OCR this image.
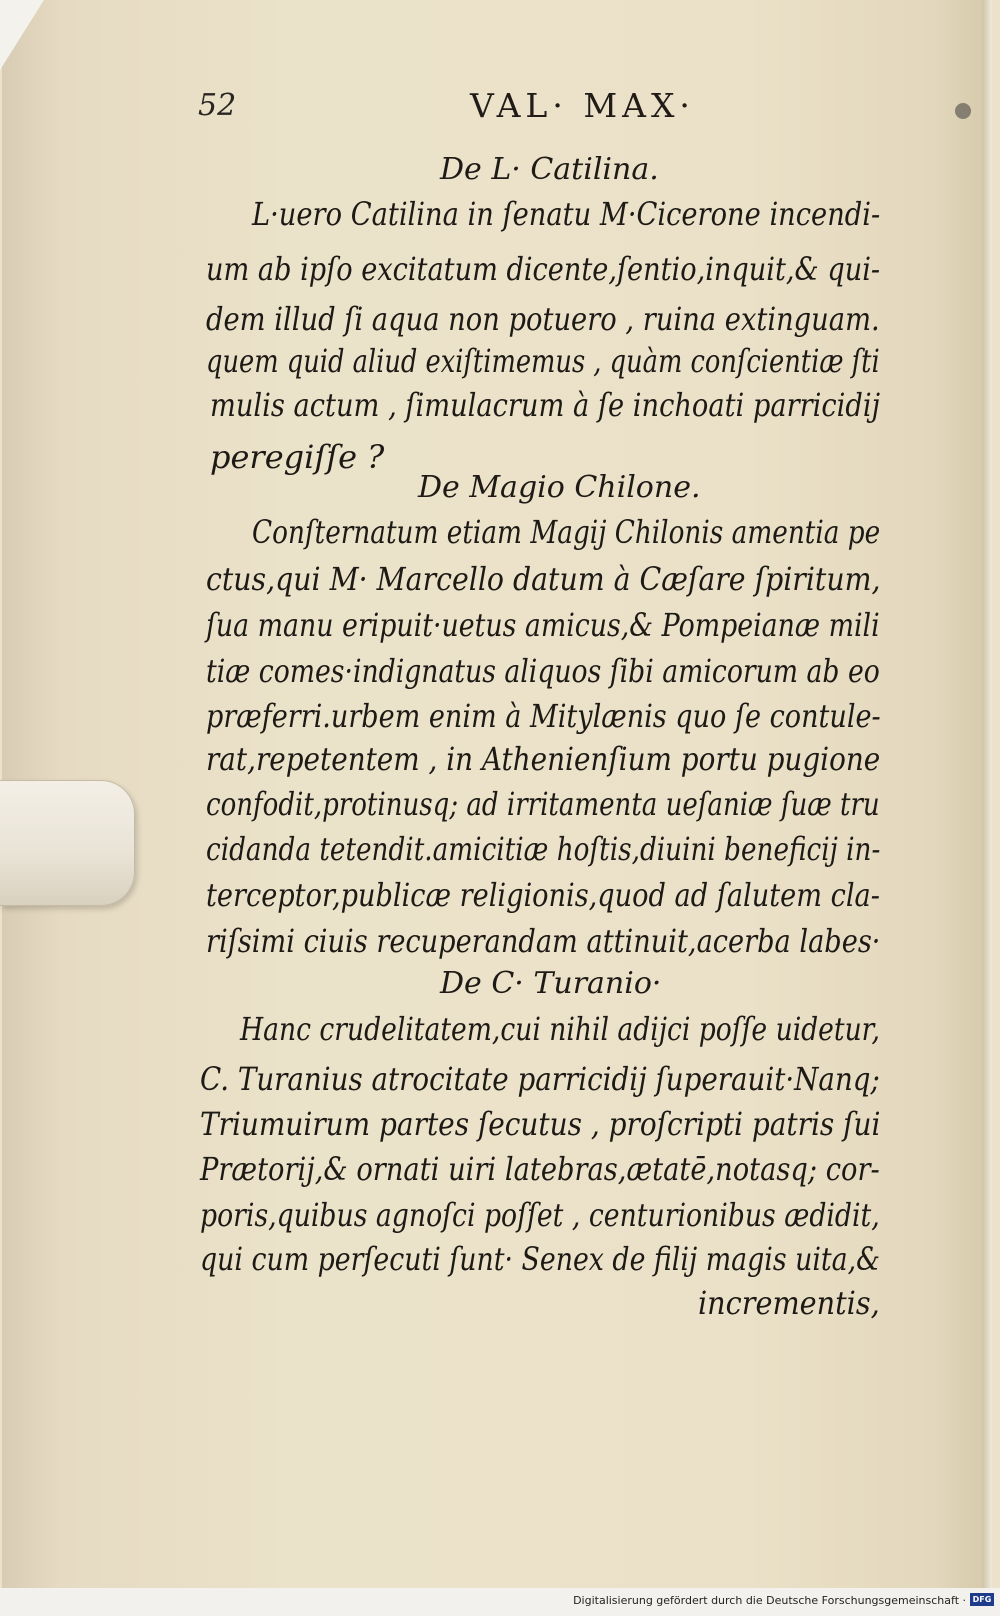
52	VAL· MAX·
De L· Catilina.
L·uero Catilina in ſenatu M·Cicerone incendi-
um ab ipſo excitatum dicente,ſentio,inquit,& qui-
dem illud ſi aqua non potuero , ruina extinguam.
quem quid aliud exiſtimemus , quàm conſcientiæ ſti
mulis actum , ſimulacrum à ſe inchoati parricidij
peregiſſe ?
De Magio Chilone.
Conſternatum etiam Magij Chilonis amentia pe
ctus,qui M· Marcello datum à Cæſare ſpiritum,
ſua manu eripuit·uetus amicus,& Pompeianæ mili
tiæ comes·indignatus aliquos ſibi amicorum ab eo
præferri.urbem enim à Mitylænis quo ſe contule-
rat,repetentem , in Athenienſium portu pugione
confodit,protinusq; ad irritamenta ueſaniæ ſuæ tru
cidanda tetendit.amicitiæ hoſtis,diuini beneficij in-
terceptor,publicæ religionis,quod ad ſalutem cla-
riſsimi ciuis recuperandam attinuit,acerba labes·
De C· Turanio·
Hanc crudelitatem,cui nihil adijci poſſe uidetur,
C. Turanius atrocitate parricidij ſuperauit·Nanq;
Triumuirum partes ſecutus , proſcripti patris ſui
Prætorij,& ornati uiri latebras,ætatē,notasq; cor-
poris,quibus agnoſci poſſet , centurionibus ædidit,
qui cum perſecuti ſunt· Senex de filij magis uita,&
incrementis,
Digitalisierung gefördert durch die Deutsche Forschungsgemeinschaft · DFG
